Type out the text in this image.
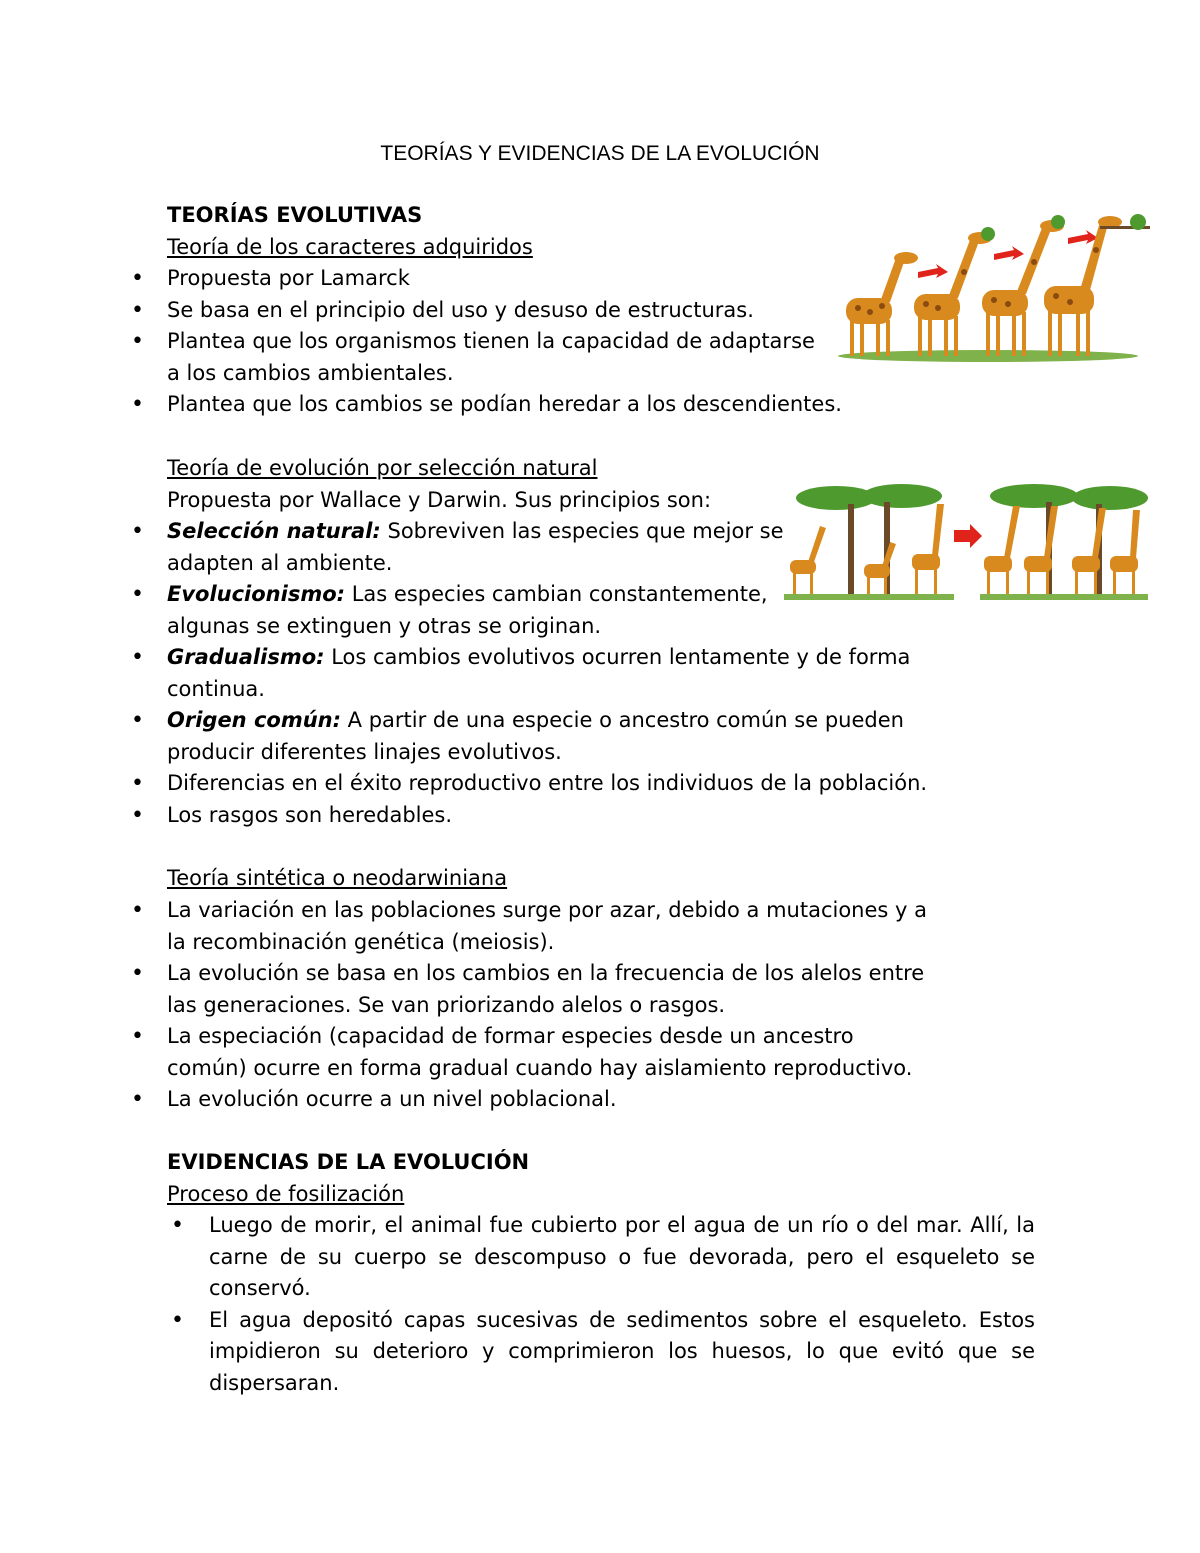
TEORÍAS Y EVIDENCIAS DE LA EVOLUCIÓN
TEORÍAS EVOLUTIVAS
Teoría de los caracteres adquiridos
• Propuesta por Lamarck
• Se basa en el principio del uso y desuso de estructuras.
• Plantea que los organismos tienen la capacidad de adaptarse
a los cambios ambientales.
• Plantea que los cambios se podían heredar a los descendientes.
Teoría de evolución por selección natural
Propuesta por Wallace y Darwin. Sus principios son:
• Selección natural: Sobreviven las especies que mejor se
adapten al ambiente.
• Evolucionismo: Las especies cambian constantemente,
algunas se extinguen y otras se originan.
• Gradualismo: Los cambios evolutivos ocurren lentamente y de forma
continua.
• Origen común: A partir de una especie o ancestro común se pueden
producir diferentes linajes evolutivos.
• Diferencias en el éxito reproductivo entre los individuos de la población.
• Los rasgos son heredables.
Teoría sintética o neodarwiniana
• La variación en las poblaciones surge por azar, debido a mutaciones y a
la recombinación genética (meiosis).
• La evolución se basa en los cambios en la frecuencia de los alelos entre
las generaciones. Se van priorizando alelos o rasgos.
• La especiación (capacidad de formar especies desde un ancestro
común) ocurre en forma gradual cuando hay aislamiento reproductivo.
• La evolución ocurre a un nivel poblacional.
EVIDENCIAS DE LA EVOLUCIÓN
Proceso de fosilización
• Luego de morir, el animal fue cubierto por el agua de un río o del mar. Allí, la carne de su cuerpo se descompuso o fue devorada, pero el esqueleto se conservó.
• El agua depositó capas sucesivas de sedimentos sobre el esqueleto. Estos impidieron su deterioro y comprimieron los huesos, lo que evitó que se dispersaran.
